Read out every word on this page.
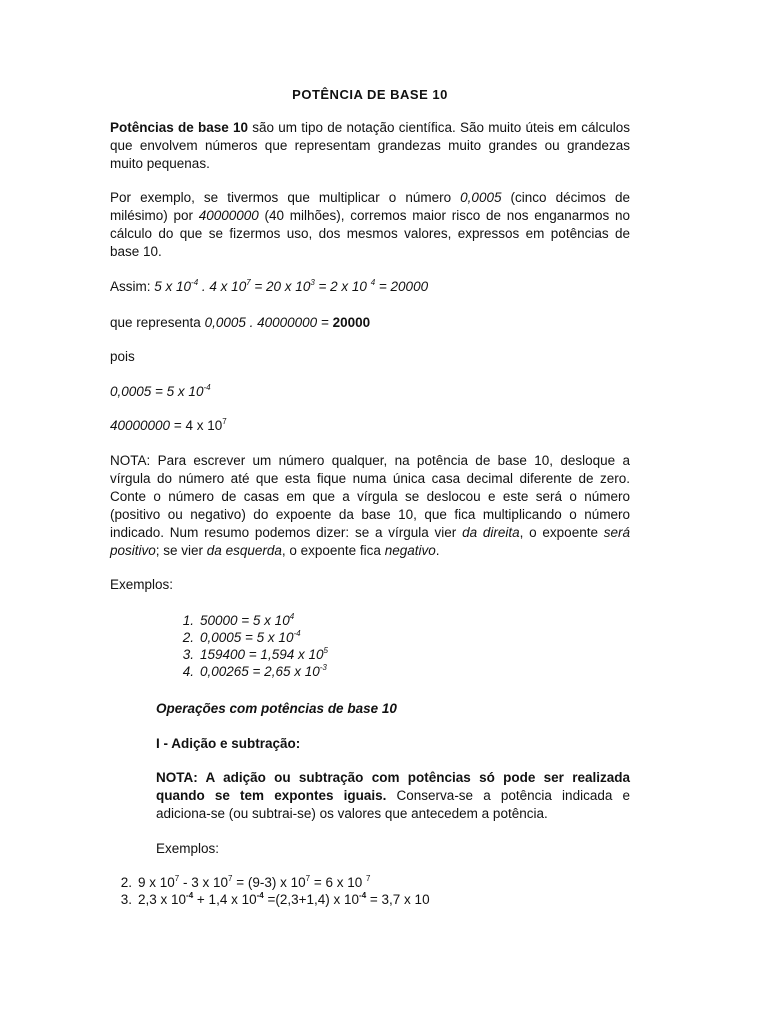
POTÊNCIA DE BASE 10

Potências de base 10 são um tipo de notação científica. São muito úteis em cálculos que envolvem números que representam grandezas muito grandes ou grandezas muito pequenas.

Por exemplo, se tivermos que multiplicar o número 0,0005 (cinco décimos de milésimo) por 40000000 (40 milhões), corremos maior risco de nos enganarmos no cálculo do que se fizermos uso, dos mesmos valores, expressos em potências de base 10.

Assim: 5 x $10^{-4}$ . 4 x $10^7 = 20$ x $10^3 = 2$ x 10 $^4$ = 20000

que representa 0,0005 . 40000000 = 20000

pois

0,0005 = 5 x $10^{-4}$

40000000 = 4 x $10^7$

NOTA: Para escrever um número qualquer, na potência de base 10, desloque a vírgula do número até que esta fique numa única casa decimal diferente de zero. Conte o número de casas em que a vírgula se deslocou e este será o número (positivo ou negativo) do expoente da base 10, que fica multiplicando o número indicado. Num resumo podemos dizer: se a vírgula vier da direita, o expoente será positivo; se vier da esquerda, o expoente fica negativo.

Exemplos:

1. 50000 = 5 x $10^4$
2. 0,0005 = 5 x $10^{-4}$
3. 159400 = 1,594 x $10^5$
4. 0,00265 = 2,65 x $10^{-3}$

Operações com potências de base 10

I - Adição e subtração:

NOTA: A adição ou subtração com potências só pode ser realizada quando se tem expontes iguais. Conserva-se a potência indicada e adiciona-se (ou subtrai-se) os valores que antecedem a potência.

Exemplos:

2. 9 x $10^7 - 3$ x $10^7 = (9-3)$ x $10^7 = 6$ x 10 $^7$
3. 2,3 x $10^{-4} + 1,4$ x $10^{-4} =(2,3+1,4)$ x $10^{-4} = 3,7$ x 10
